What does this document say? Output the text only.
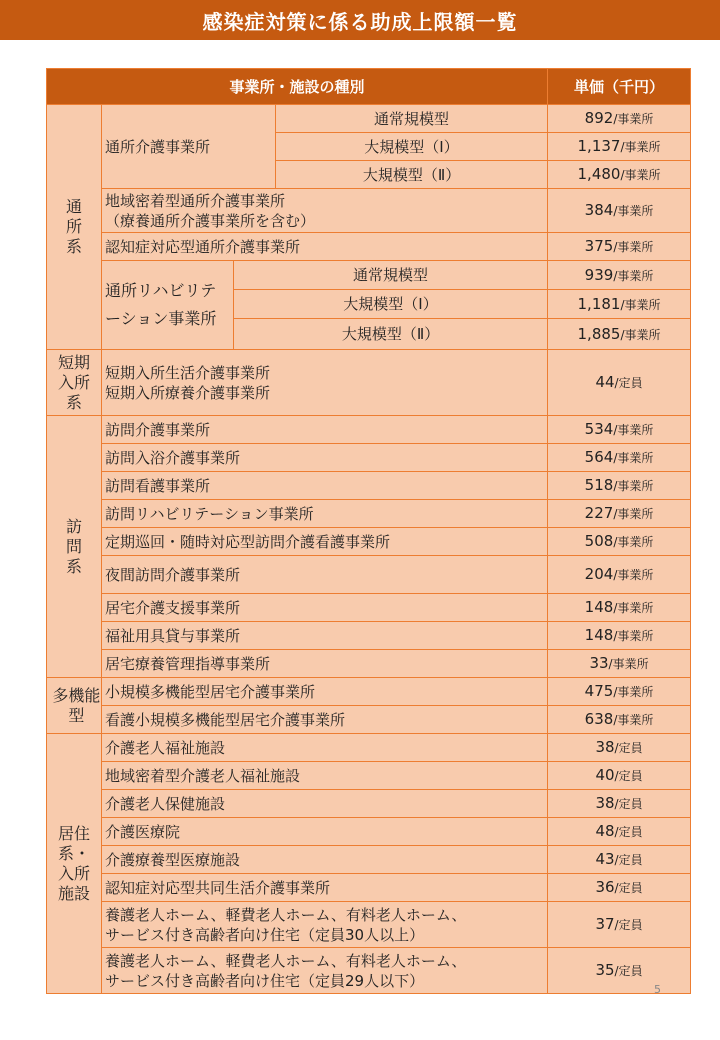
感染症対策に係る助成上限額一覧
事業所・施設の種別				単価（千円）
通所系	通所介護事業所		通常規模型	892/事業所
			大規模型（Ⅰ）	1,137/事業所
			大規模型（Ⅱ）	1,480/事業所

	地域密着型通所介護事業所
（療養通所介護事業所を含む）			384/事業所
	認知症対応型通所介護事業所			375/事業所
	通所リハビリテーション事業所	通常規模型		939/事業所
		大規模型（Ⅰ）		1,181/事業所
		大規模型（Ⅱ）		1,885/事業所
短期入所系	短期入所生活介護事業所
短期入所療養介護事業所			44/定員
訪問系	訪問介護事業所			534/事業所
	訪問入浴介護事業所			564/事業所
	訪問看護事業所			518/事業所
	訪問リハビリテーション事業所			227/事業所
	定期巡回・随時対応型訪問介護看護事業所			508/事業所
	夜間訪問介護事業所			204/事業所
	居宅介護支援事業所			148/事業所
	福祉用具貸与事業所			148/事業所
	居宅療養管理指導事業所			33/事業所
多機能型	小規模多機能型居宅介護事業所			475/事業所
	看護小規模多機能型居宅介護事業所			638/事業所
居住系・入所施設	介護老人福祉施設			38/定員
	地域密着型介護老人福祉施設			40/定員
	介護老人保健施設			38/定員
	介護医療院			48/定員
	介護療養型医療施設			43/定員
	認知症対応型共同生活介護事業所			36/定員

	養護老人ホーム、軽費老人ホーム、有料老人ホーム、
サービス付き高齢者向け住宅（定員30人以上）			37/定員

	養護老人ホーム、軽費老人ホーム、有料老人ホーム、
サービス付き高齢者向け住宅（定員29人以下）			35/定員
5
